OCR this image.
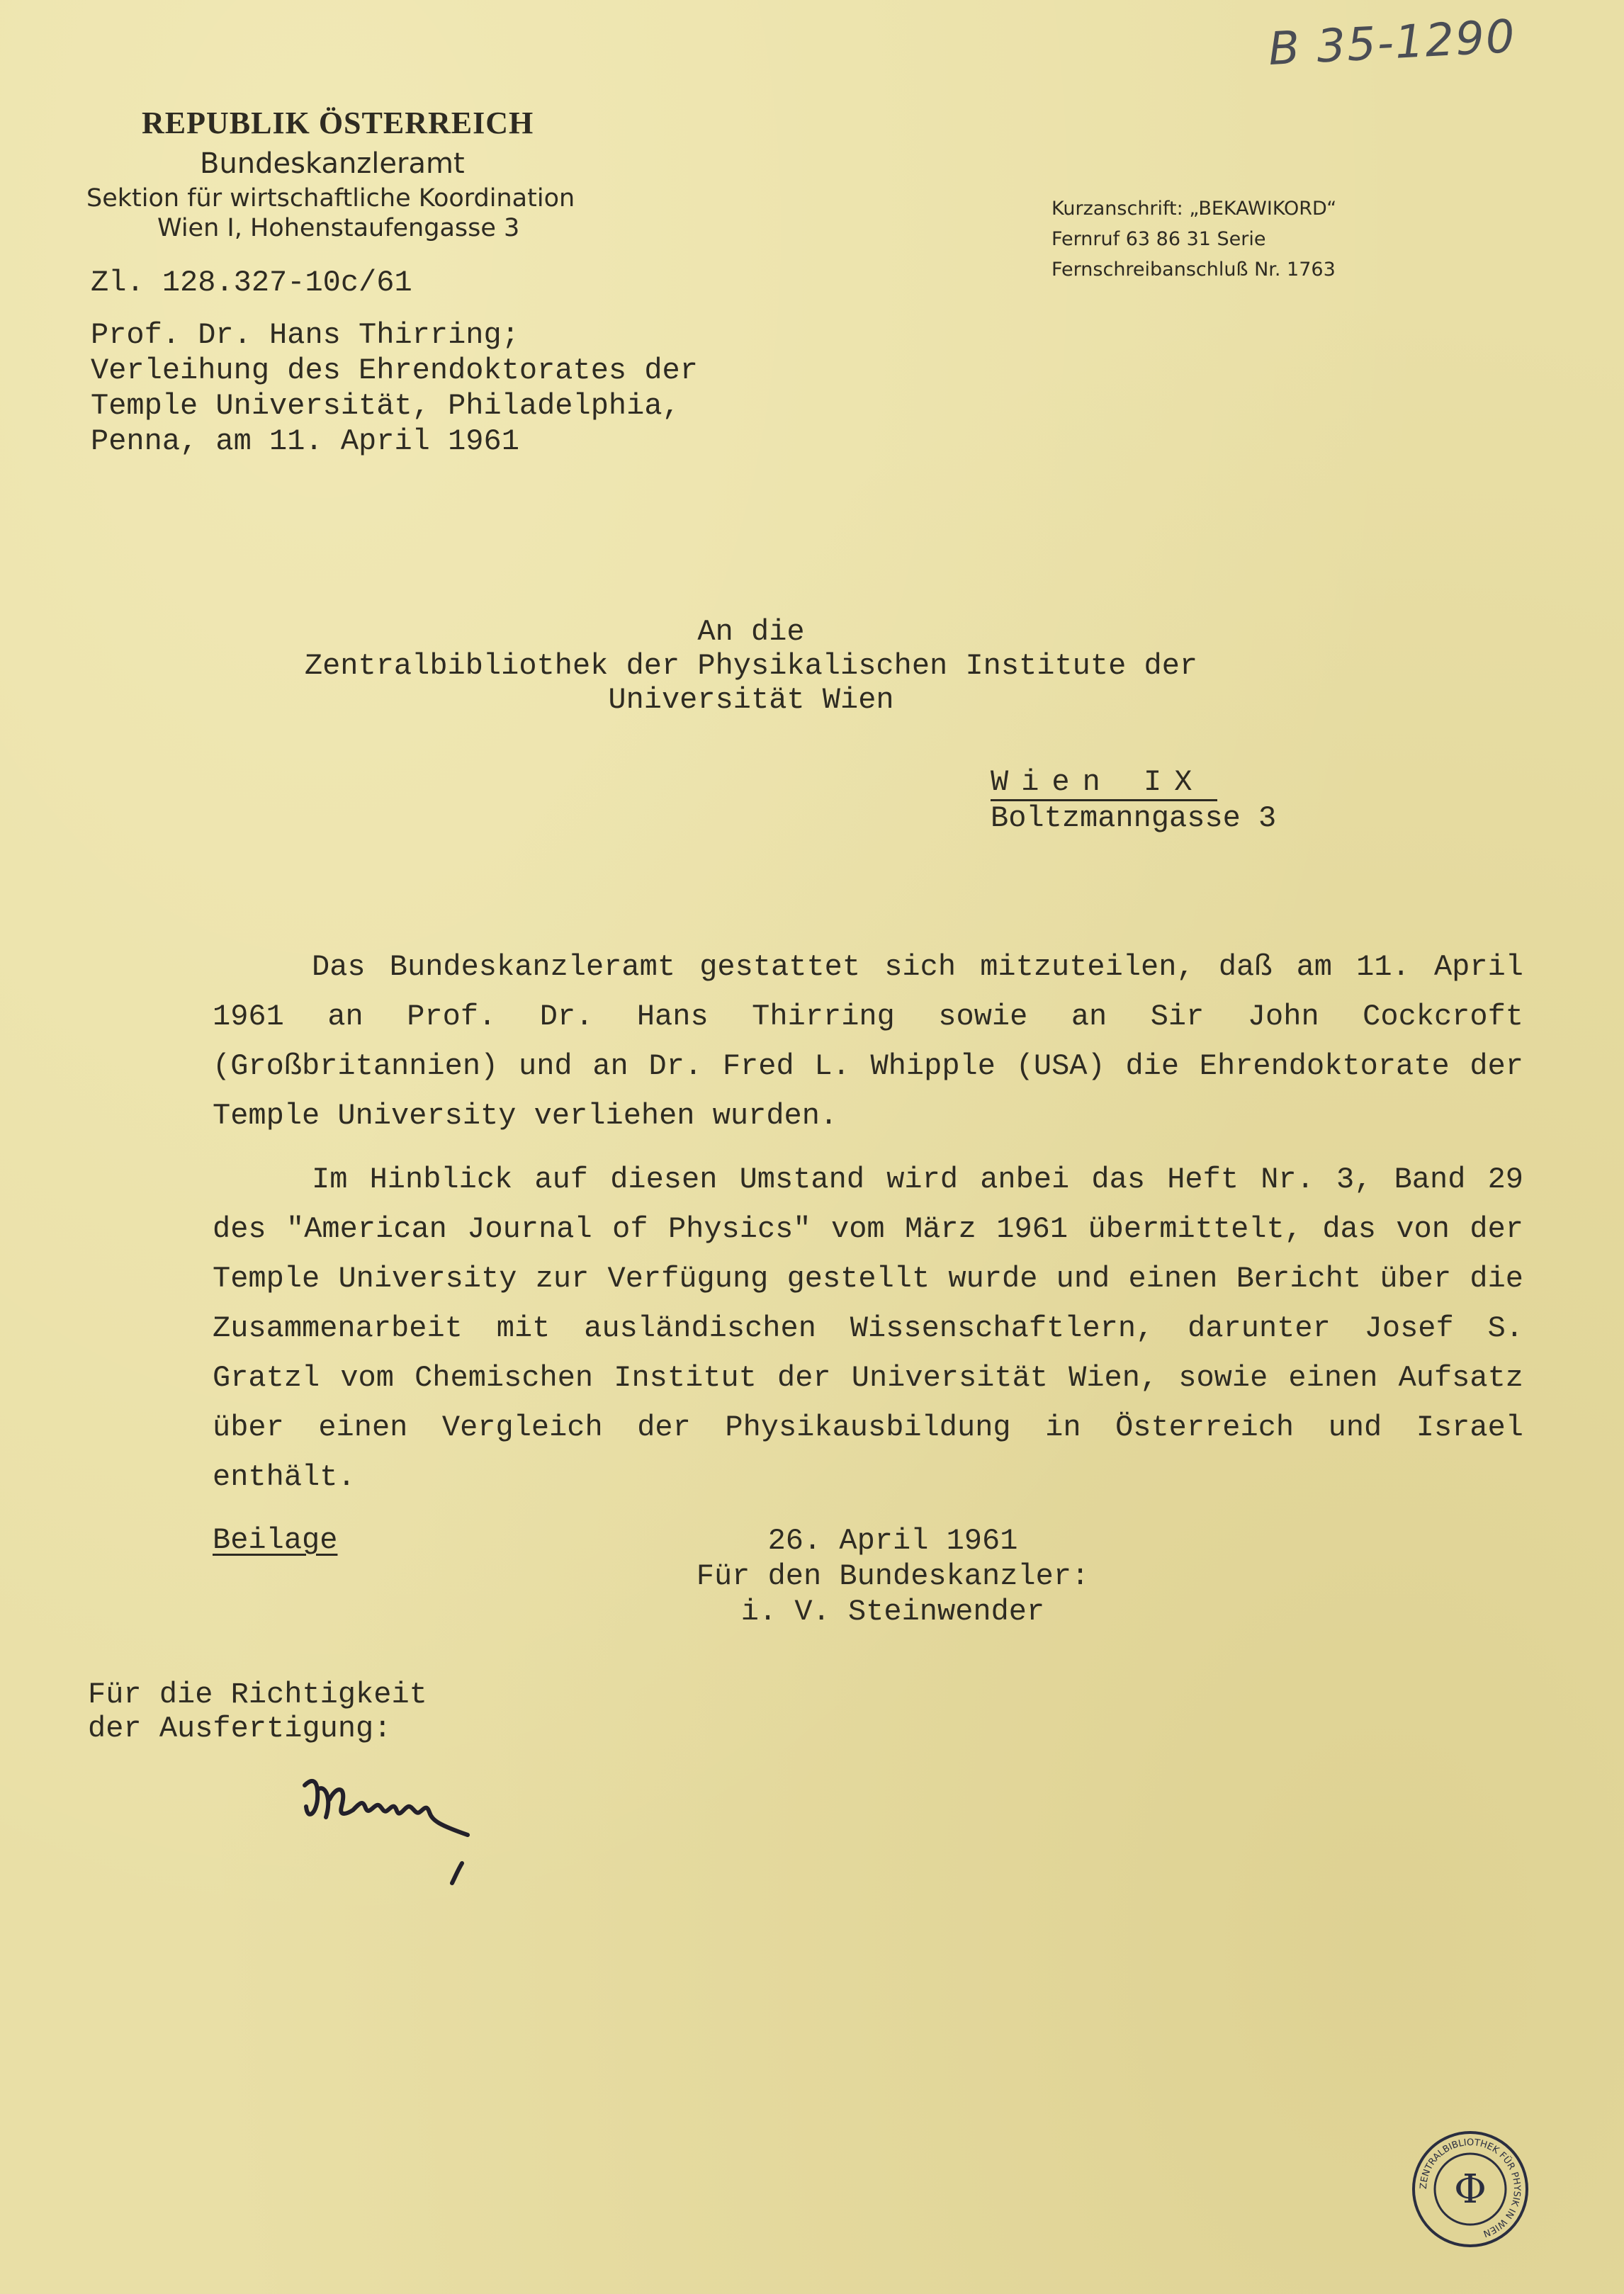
B 35-1290
REPUBLIK ÖSTERREICH
Bundeskanzleramt
Sektion für wirtschaftliche Koordination
Wien I, Hohenstaufengasse 3
Kurzanschrift: „BEKAWIKORD“
Fernruf 63 86 31 Serie
Fernschreibanschluß Nr. 1763
Zl. 128.327-10c/61
Prof. Dr. Hans Thirring;
Verleihung des Ehrendoktorates der
Temple Universität, Philadelphia,
Penna, am 11. April 1961
An die
Zentralbibliothek der Physikalischen Institute der
Universität Wien
Wien IX
Boltzmanngasse 3

Das Bundeskanzleramt gestattet sich mitzuteilen, daß am 11. April 1961 an Prof. Dr. Hans Thirring sowie an Sir John Cockcroft (Großbritannien) und an Dr. Fred L. Whipple (USA) die Ehrendoktorate der Temple University verliehen wurden.

Im Hinblick auf diesen Umstand wird anbei das Heft Nr. 3, Band 29 des "American Journal of Physics" vom März 1961 übermittelt, das von der Temple University zur Verfügung gestellt wurde und einen Bericht über die Zusammenarbeit mit ausländischen Wissenschaftlern, darunter Josef S. Gratzl vom Chemischen Institut der Universität Wien, sowie einen Aufsatz über einen Vergleich der Physikausbildung in Österreich und Israel enthält.

Beilage	26. April 1961
Für den Bundeskanzler:
i. V. Steinwender
Für die Richtigkeit
der Ausfertigung:
ZENTRALBIBLIOTHEK FÜR PHYSIK IN WIEN
Φ
